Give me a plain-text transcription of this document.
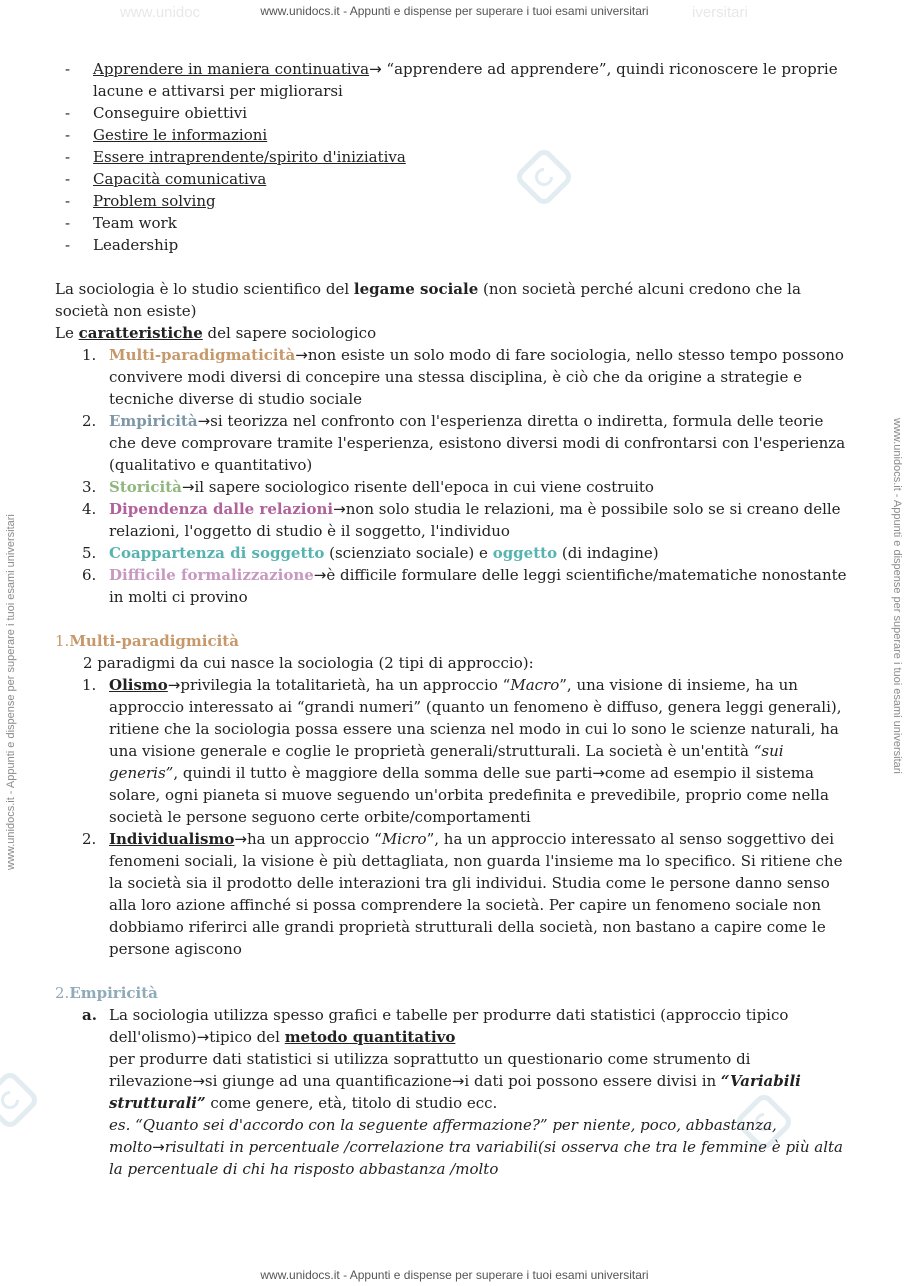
www.unidoc	iversitari
www.unidocs.it - Appunti e dispense per superare i tuoi esami universitari
www.unidocs.it - Appunti e dispense per superare i tuoi esami universitari
www.unidocs.it - Appunti e dispense per superare i tuoi esami universitari	www.unidocs.it - Appunti e dispense per superare i tuoi esami universitari
- Apprendere in maniera continuativa→ “apprendere ad apprendere”, quindi riconoscere le proprie lacune e attivarsi per migliorarsi
- Conseguire obiettivi
- Gestire le informazioni
- Essere intraprendente/spirito d'iniziativa
- Capacità comunicativa
- Problem solving
- Team work
- Leadership
La sociologia è lo studio scientifico del legame sociale (non società perché alcuni credono che la società non esiste)
Le caratteristiche del sapere sociologico
1. Multi-paradigmaticità→non esiste un solo modo di fare sociologia, nello stesso tempo possono convivere modi diversi di concepire una stessa disciplina, è ciò che da origine a strategie e tecniche diverse di studio sociale
2. Empiricità→si teorizza nel confronto con l'esperienza diretta o indiretta, formula delle teorie che deve comprovare tramite l'esperienza, esistono diversi modi di confrontarsi con l'esperienza (qualitativo e quantitativo)
3. Storicità→il sapere sociologico risente dell'epoca in cui viene costruito
4. Dipendenza dalle relazioni→non solo studia le relazioni, ma è possibile solo se si creano delle relazioni, l'oggetto di studio è il soggetto, l'individuo
5. Coappartenza di soggetto (scienziato sociale) e oggetto (di indagine)
6. Difficile formalizzazione→è difficile formulare delle leggi scientifiche/matematiche nonostante in molti ci provino
1.Multi-paradigmicità
2 paradigmi da cui nasce la sociologia (2 tipi di approccio):
1. Olismo→privilegia la totalitarietà, ha un approccio “Macro”, una visione di insieme, ha un approccio interessato ai “grandi numeri” (quanto un fenomeno è diffuso, genera leggi generali), ritiene che la sociologia possa essere una scienza nel modo in cui lo sono le scienze naturali, ha una visione generale e coglie le proprietà generali/strutturali. La società è un'entità “sui generis”, quindi il tutto è maggiore della somma delle sue parti→come ad esempio il sistema solare, ogni pianeta si muove seguendo un'orbita predefinita e prevedibile, proprio come nella società le persone seguono certe orbite/comportamenti
2. Individualismo→ha un approccio “Micro”, ha un approccio interessato al senso soggettivo dei fenomeni sociali, la visione è più dettagliata, non guarda l'insieme ma lo specifico. Si ritiene che la società sia il prodotto delle interazioni tra gli individui. Studia come le persone danno senso alla loro azione affinché si possa comprendere la società. Per capire un fenomeno sociale non dobbiamo riferirci alle grandi proprietà strutturali della società, non bastano a capire come le persone agiscono
2.Empiricità
a. La sociologia utilizza spesso grafici e tabelle per produrre dati statistici (approccio tipico dell'olismo)→tipico del metodo quantitativo
per produrre dati statistici si utilizza soprattutto un questionario come strumento di rilevazione→si giunge ad una quantificazione→i dati poi possono essere divisi in “Variabili strutturali” come genere, età, titolo di studio ecc.
es. “Quanto sei d'accordo con la seguente affermazione?” per niente, poco, abbastanza, molto→risultati in percentuale /correlazione tra variabili(si osserva che tra le femmine è più alta la percentuale di chi ha risposto abbastanza /molto
